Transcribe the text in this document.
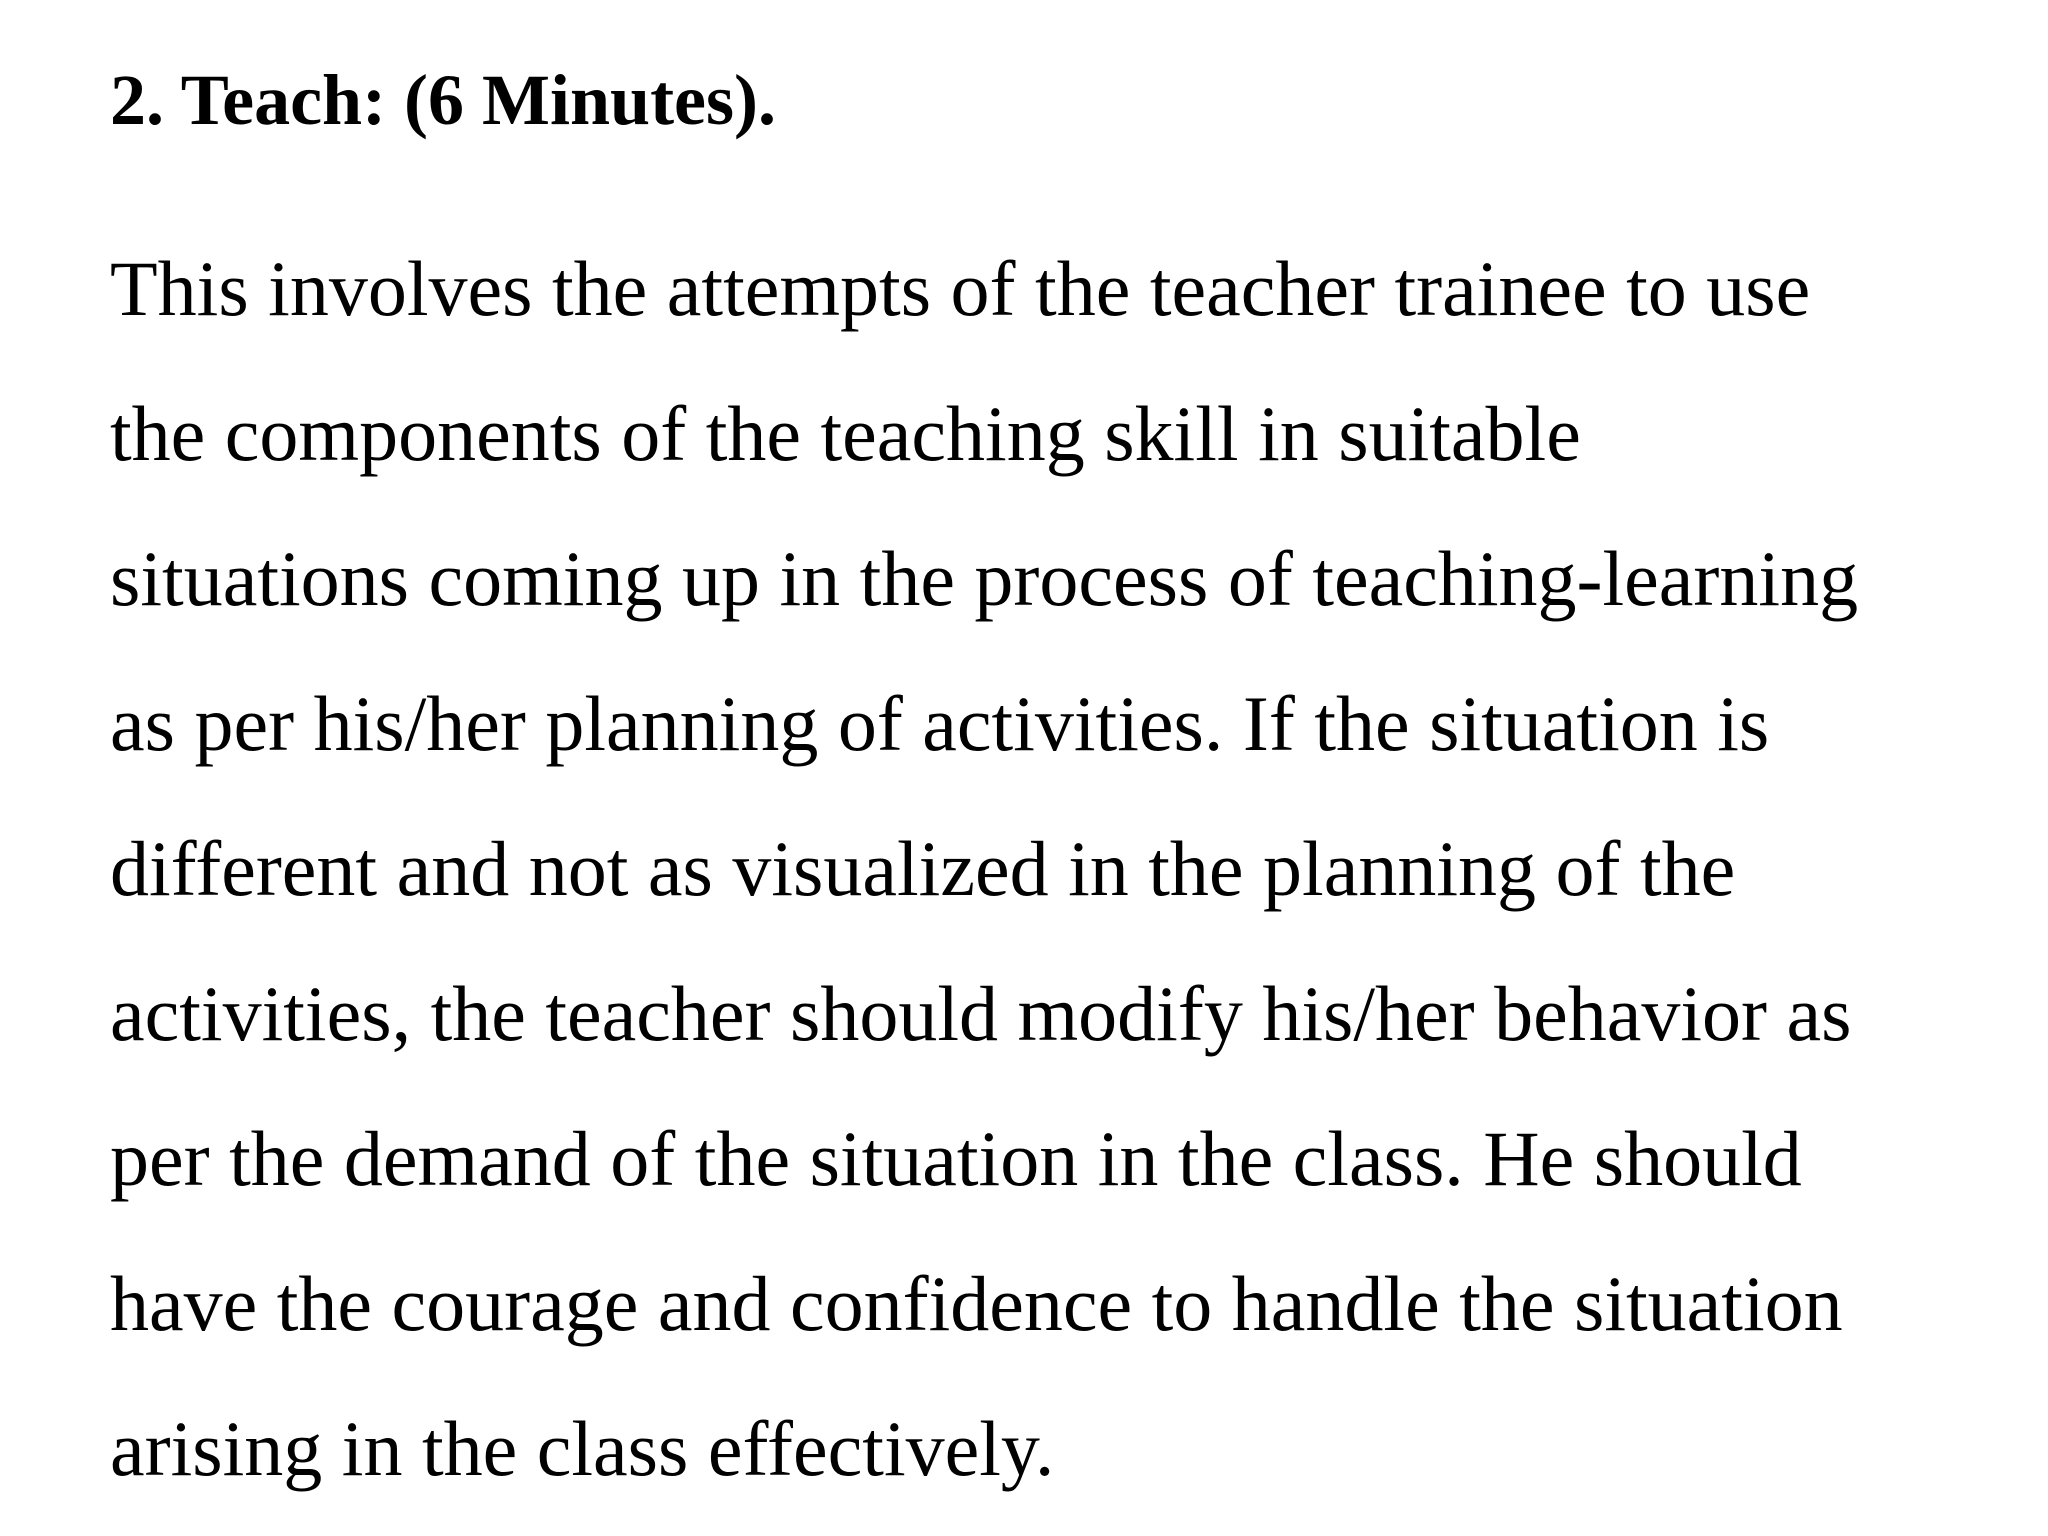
2. Teach: (6 Minutes).

This involves the attempts of the teacher trainee to use
the components of the teaching skill in suitable
situations coming up in the process of teaching-learning
as per his/her planning of activities. If the situation is
different and not as visualized in the planning of the
activities, the teacher should modify his/her behavior as
per the demand of the situation in the class. He should
have the courage and confidence to handle the situation
arising in the class effectively.
